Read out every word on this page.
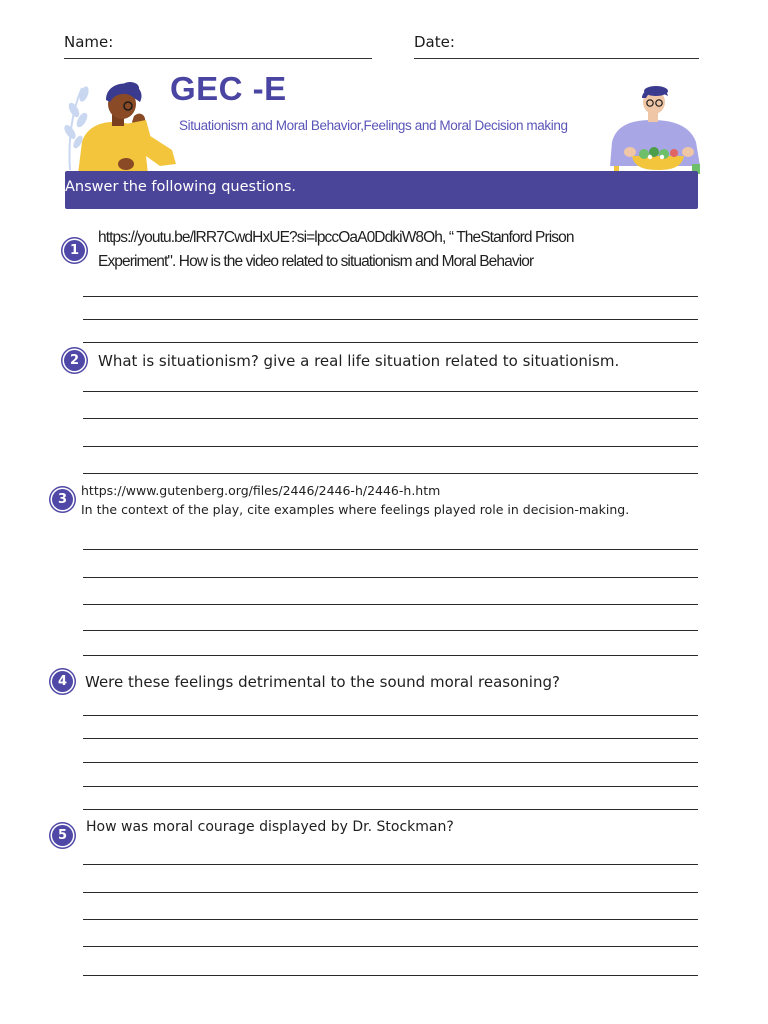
Name:	Date:
GEC -E
Situationism and Moral Behavior,Feelings and Moral Decision making
Answer the following questions.
1
https://youtu.be/lRR7CwdHxUE?si=lpccOaA0DdkiW8Oh, “ TheStanford Prison
Experiment". How is the video related to situationism and Moral Behavior
2	What is situationism? give a real life situation related to situationism.
3
https://www.gutenberg.org/files/2446/2446-h/2446-h.htm
In the context of the play, cite examples where feelings played role in decision-making.
4	Were these feelings detrimental to the sound moral reasoning?
5
How was moral courage displayed by Dr. Stockman?
